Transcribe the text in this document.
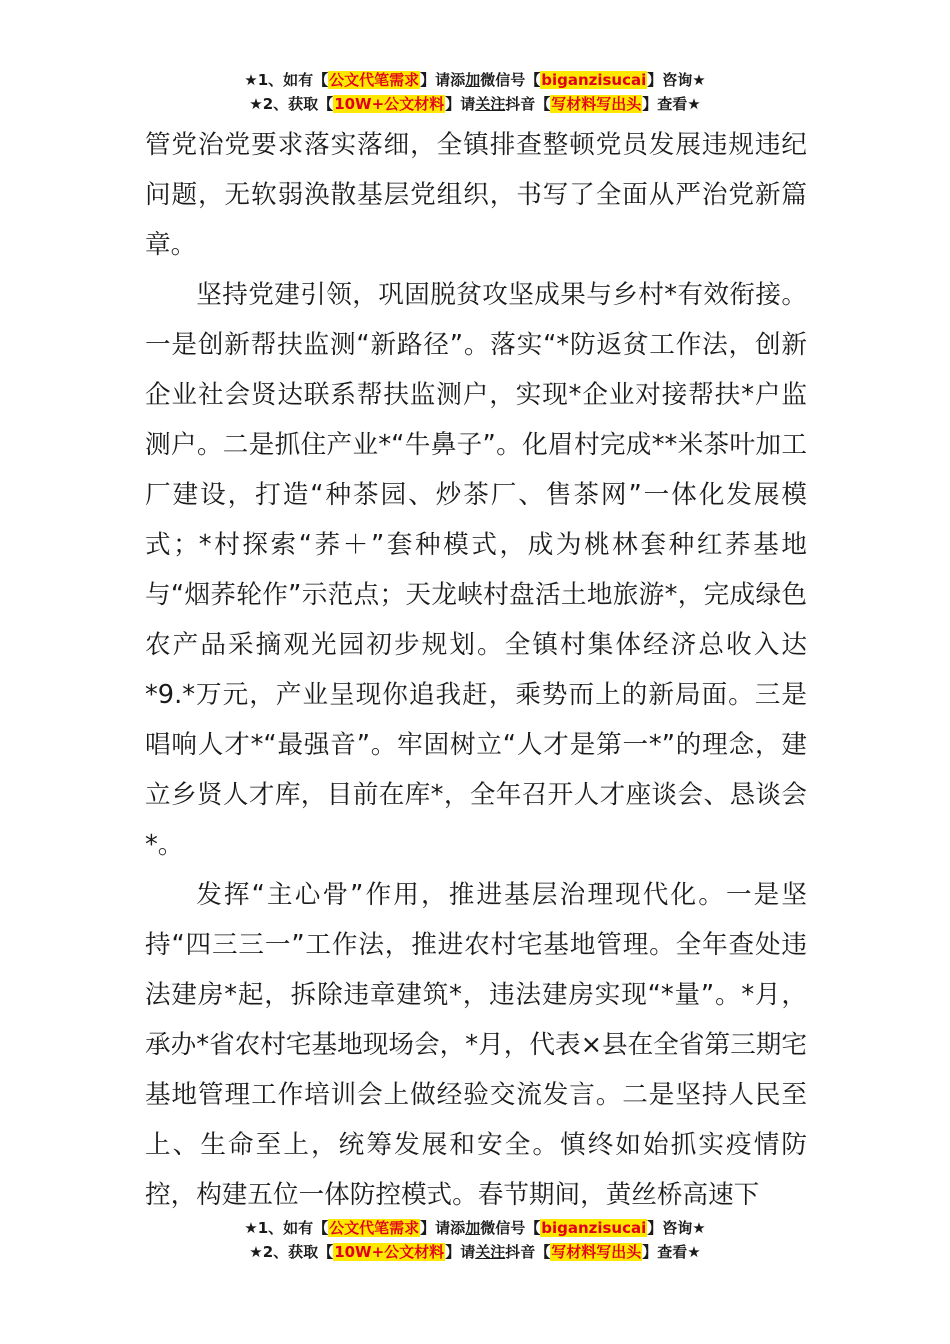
★1、如有【公文代笔需求】请添加微信号【biganzisucai】咨询★
★2、获取【10W+公文材料】请关注抖音【写材料写出头】查看★

管党治党要求落实落细，全镇排查整顿党员发展违规违纪问题，无软弱涣散基层党组织，书写了全面从严治党新篇章。

坚持党建引领，巩固脱贫攻坚成果与乡村*有效衔接。一是创新帮扶监测“新路径”。落实“*防返贫工作法，创新企业社会贤达联系帮扶监测户，实现*企业对接帮扶*户监测户。二是抓住产业*“牛鼻子”。化眉村完成**米茶叶加工厂建设，打造“种茶园、炒茶厂、售茶网”一体化发展模式；*村探索“荞＋”套种模式，成为桃林套种红荞基地与“烟荞轮作”示范点；天龙峡村盘活土地旅游*，完成绿色农产品采摘观光园初步规划。全镇村集体经济总收入达*9.*万元，产业呈现你追我赶，乘势而上的新局面。三是唱响人才*“最强音”。牢固树立“人才是第一*”的理念，建立乡贤人才库，目前在库*，全年召开人才座谈会、恳谈会*。

发挥“主心骨”作用，推进基层治理现代化。一是坚持“四三三一”工作法，推进农村宅基地管理。全年查处违法建房*起，拆除违章建筑*，违法建房实现“*量”。*月，承办*省农村宅基地现场会，*月，代表×县在全省第三期宅基地管理工作培训会上做经验交流发言。二是坚持人民至上、生命至上，统筹发展和安全。慎终如始抓实疫情防控，构建五位一体防控模式。春节期间，黄丝桥高速下

★1、如有【公文代笔需求】请添加微信号【biganzisucai】咨询★
★2、获取【10W+公文材料】请关注抖音【写材料写出头】查看★
